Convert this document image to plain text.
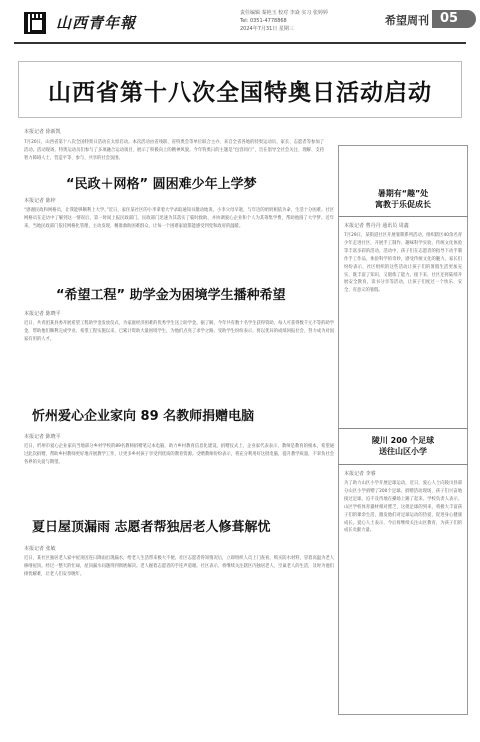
山西青年報
责任编辑 秦艳玉 校对 李焱 实习 张婷婷
Tel: 0351-4778868
2024年7月31日 星期三
希望周刊 05
山西省第十八次全国特奥日活动启动
本报记者 徐新凯
7月20日，山西省第十八次全国特奥日活动在太原启动。本次活动由省残联、省特奥会等单位联合主办，来自全省各地的特奥运动员、家长、志愿者等参加了活动。活动现场，特奥运动员们参与了多项融合运动项目，展示了积极向上的精神风貌。今年特奥日的主题是“包容同行”，旨在倡导全社会关注、理解、支持智力障碍人士，营造平等、参与、共享的社会氛围。
“民政＋网格” 圆困难少年上学梦
本报记者 陈梓
“感谢民政和网格员，让我能够顺利上大学。”近日，家住某社区的小李拿着大学录取通知书激动地说。小李父母早逝，与年迈的奶奶相依为命，生活十分困难。社区网格员在走访中了解到这一情况后，第一时间上报民政部门。民政部门迅速为其落实了临时救助，并协调爱心企业和个人为其筹集学费，帮助他圆了大学梦。近年来，当地民政部门依托网格化管理，主动发现、精准救助困难群众，让每一个困难家庭都能感受到党和政府的温暖。
“希望工程” 助学金为困境学生播种希望
本报记者 陈晓平
近日，共青团某县委开展希望工程助学金发放仪式，为家庭经济困难的优秀学生送上助学金。据了解，今年共有数十名学生获得资助，每人可获得数千元不等的助学金，帮助他们顺利完成学业。希望工程实施以来，已累计资助大量困境学生，为他们点亮了求学之路。受助学生纷纷表示，将以优异的成绩回报社会，努力成为对国家有用的人才。
忻州爱心企业家向 89 名教师捐赠电脑
本报记者 陈晓平
近日，忻州市爱心企业家向当地部分乡村学校的89名教师捐赠笔记本电脑，助力乡村教育信息化建设。捐赠仪式上，企业家代表表示，教师是教育的根本，希望通过此次捐赠，帮助乡村教师更好地开展教学工作，让更多乡村孩子享受到优质的教育资源。受赠教师纷纷表示，将充分利用好这批电脑，提升教学质量，不辜负社会各界的关爱与期望。
夏日屋顶漏雨 志愿者帮独居老人修葺解忧
本报记者 张敏
近日，某社区独居老人家中屋顶因连日降雨出现漏水，给老人生活带来极大不便。社区志愿者得知情况后，立即组织人员上门查看，购买防水材料，冒着高温为老人修缮屋顶。经过一整天的忙碌，屋顶漏水问题得到彻底解决。老人握着志愿者的手连声道谢。社区表示，将继续关注辖区内独居老人、空巢老人的生活，及时为他们排忧解难，让老人们安享晚年。
暑期有“趣”处
寓教于乐促成长
本报记者 曹丹丹 通讯员 周鑫
7月29日，某街道社区开展暑期系列活动，组织辖区40余名青少年走进社区，开展手工制作、趣味科学实验、传统文化体验等丰富多彩的活动。活动中，孩子们在志愿者的指导下动手制作手工作品，体验科学的奇妙，感受传统文化的魅力。家长们纷纷表示，社区组织的这些活动让孩子们的暑假生活更加充实，既丰富了知识，又锻炼了能力。接下来，社区还将陆续开展安全教育、读书分享等活动，让孩子们度过一个快乐、安全、有意义的暑假。
陵川 200 个足球
送往山区小学
本报记者 李睿
为了助力山区小学开展足球运动，近日，爱心人士向陵川县部分山区小学捐赠了200个足球。捐赠活动现场，孩子们兴奋地接过足球，迫不及待地在操场上踢了起来。学校负责人表示，山区学校体育器材相对匮乏，这批足球的到来，将极大丰富孩子们的课余生活，激发他们对足球运动的热爱，促进身心健康成长。爱心人士表示，今后将继续关注山区教育，为孩子们的成长贡献力量。
